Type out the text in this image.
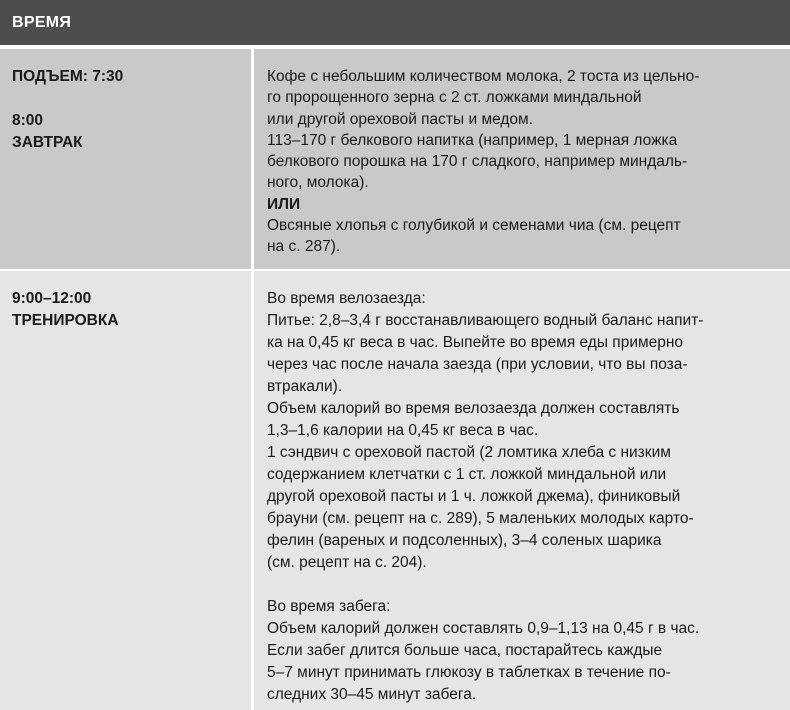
ВРЕМЯ
ПОДЪЕМ: 7:30
8:00
ЗАВТРАК
Кофе с небольшим количеством молока, 2 тоста из цельно-
го пророщенного зерна с 2 ст. ложками миндальной
или другой ореховой пасты и медом.
113–170 г белкового напитка (например, 1 мерная ложка
белкового порошка на 170 г сладкого, например миндаль-
ного, молока).
ИЛИ
Овсяные хлопья с голубикой и семенами чиа (см. рецепт
на с. 287).
9:00–12:00
ТРЕНИРОВКА
Во время велозаезда:
Питье: 2,8–3,4 г восстанавливающего водный баланс напит-
ка на 0,45 кг веса в час. Выпейте во время еды примерно
через час после начала заезда (при условии, что вы поза-
втракали).
Объем калорий во время велозаезда должен составлять
1,3–1,6 калории на 0,45 кг веса в час.
1 сэндвич с ореховой пастой (2 ломтика хлеба с низким
содержанием клетчатки с 1 ст. ложкой миндальной или
другой ореховой пасты и 1 ч. ложкой джема), финиковый
брауни (см. рецепт на с. 289), 5 маленьких молодых карто-
фелин (вареных и подсоленных), 3–4 соленых шарика
(см. рецепт на с. 204).

Во время забега:
Объем калорий должен составлять 0,9–1,13 на 0,45 г в час.
Если забег длится больше часа, постарайтесь каждые
5–7 минут принимать глюкозу в таблетках в течение по-
следних 30–45 минут забега.
